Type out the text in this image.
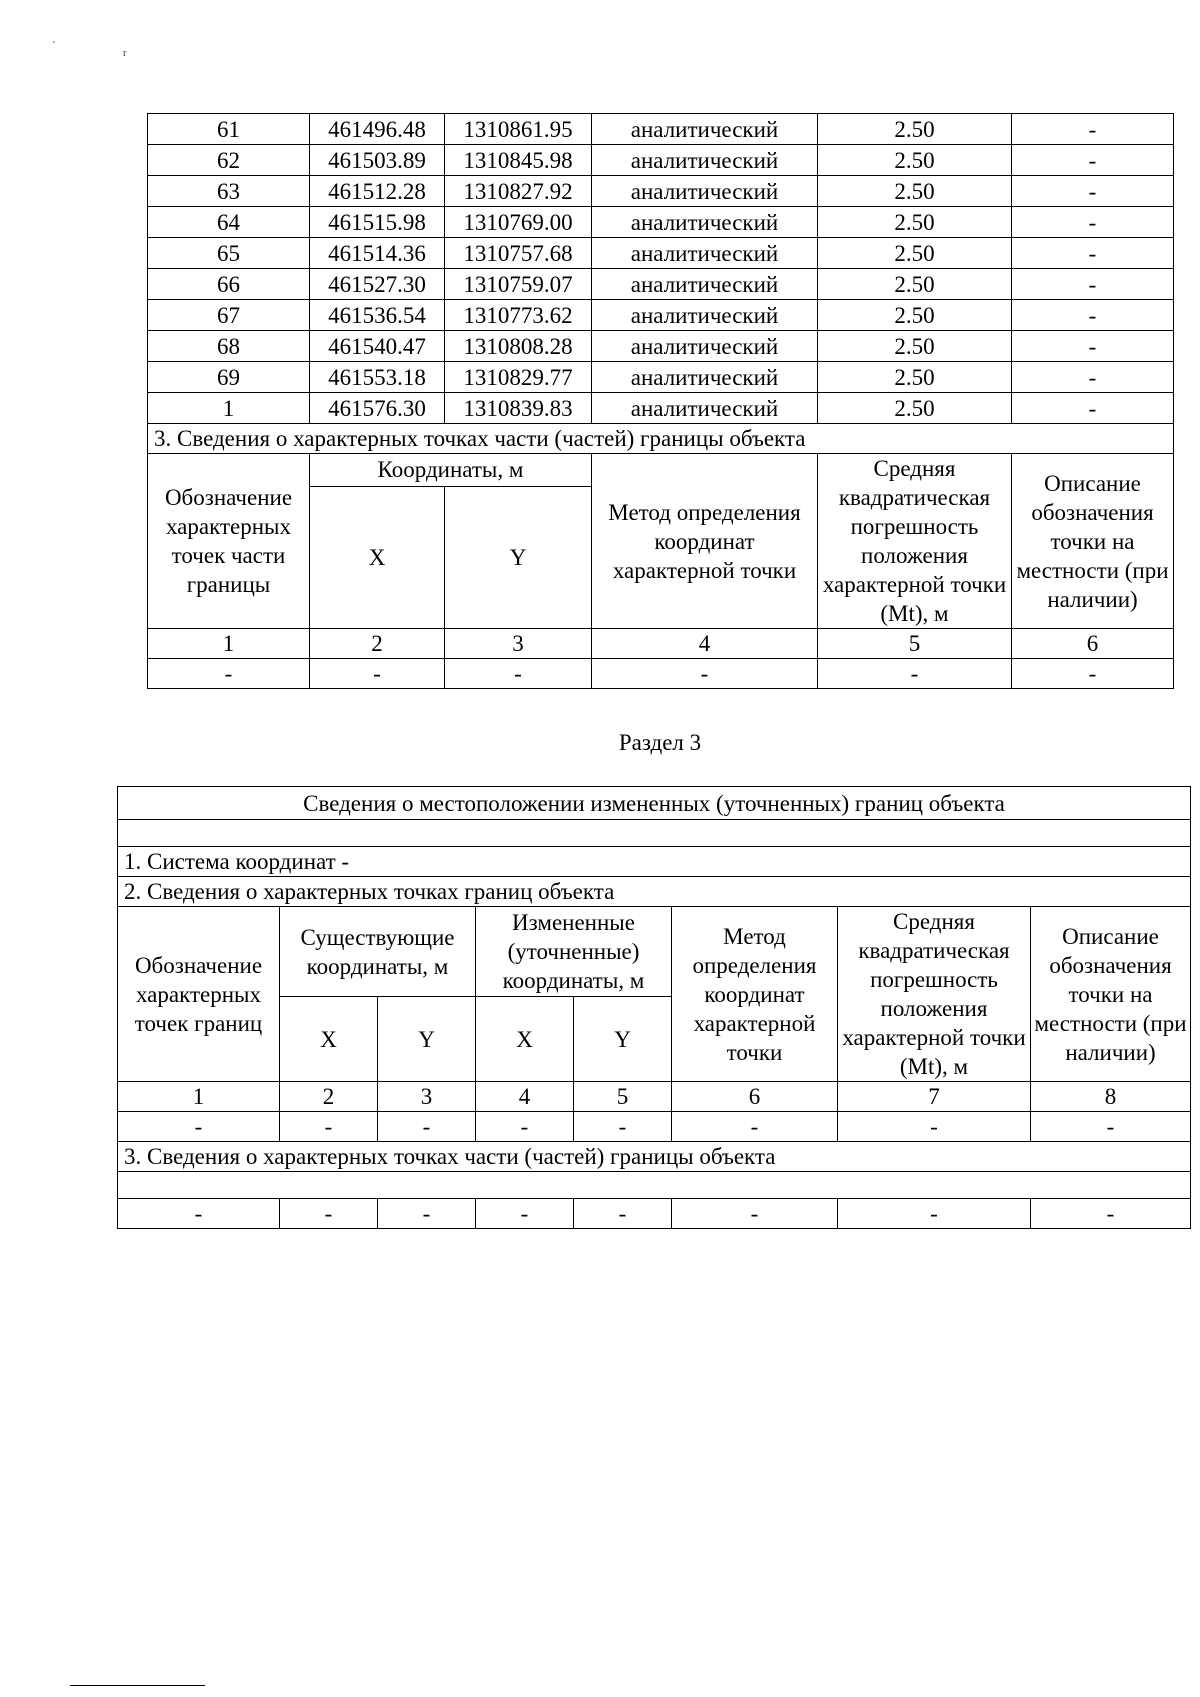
'
r
61	461496.48	1310861.95	аналитический	2.50	-
62	461503.89	1310845.98	аналитический	2.50	-
63	461512.28	1310827.92	аналитический	2.50	-
64	461515.98	1310769.00	аналитический	2.50	-
65	461514.36	1310757.68	аналитический	2.50	-
66	461527.30	1310759.07	аналитический	2.50	-
67	461536.54	1310773.62	аналитический	2.50	-
68	461540.47	1310808.28	аналитический	2.50	-
69	461553.18	1310829.77	аналитический	2.50	-
1	461576.30	1310839.83	аналитический	2.50	-
3. Сведения о характерных точках части (частей) границы объекта					
Обозначение характерных точек части границы	Координаты, м		Метод определения координат характерной точки	Средняя квадратическая погрешность положения характерной точки (Mt), м	Описание обозначения точки на местности (при наличии)
	X	Y			
1	2	3	4	5	6
-	-	-	-	-	-
Раздел 3
Сведения о местоположении измененных (уточненных) границ объекта							

1. Система координат -							
2. Сведения о характерных точках границ объекта							
Обозначение характерных точек границ	Существующие координаты, м		Измененные (уточненные) координаты, м		Метод определения координат характерной точки	Средняя квадратическая погрешность положения характерной точки (Mt), м	Описание обозначения точки на местности (при наличии)
	X	Y	X	Y			
1	2	3	4	5	6	7	8
-	-	-	-	-	-	-	-
3. Сведения о характерных точках части (частей) границы объекта							

-	-	-	-	-	-	-	-
